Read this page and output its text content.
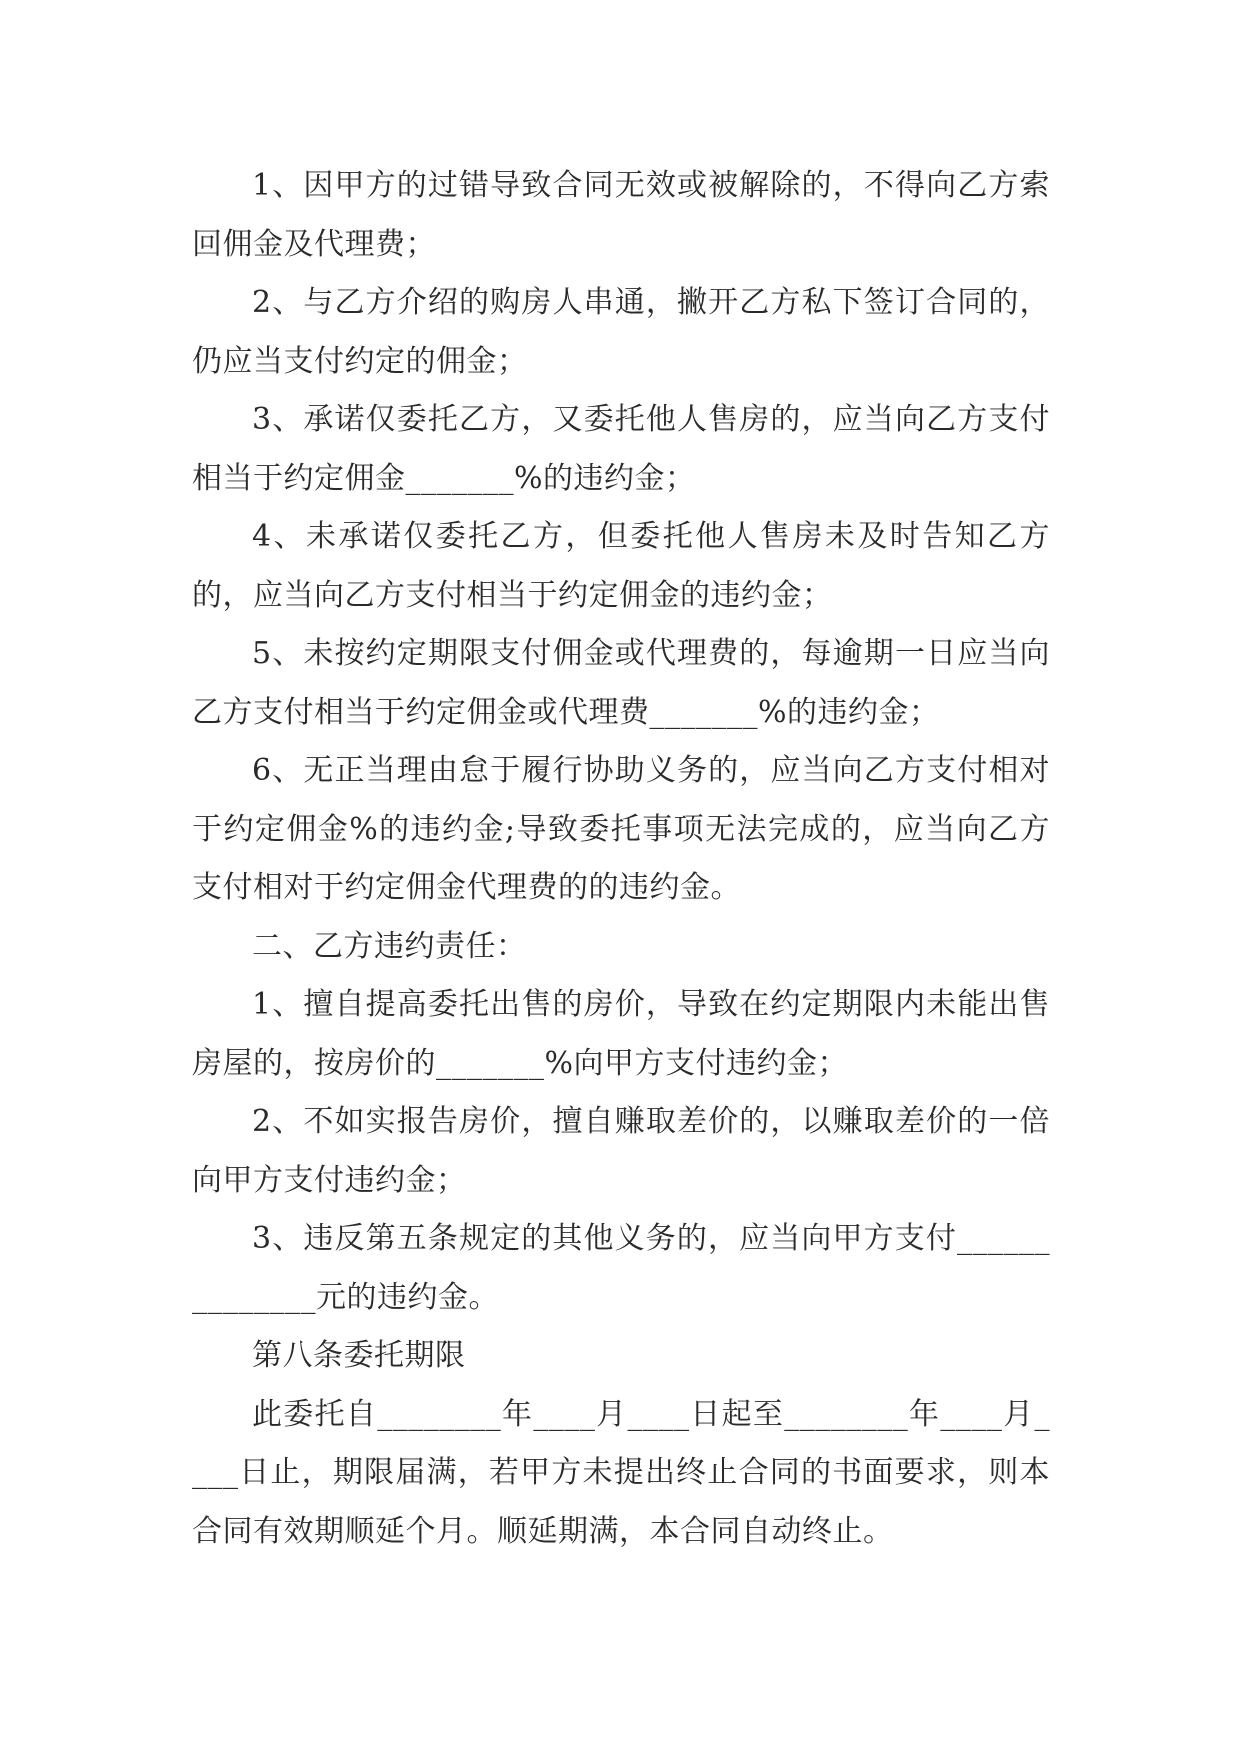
1、因甲方的过错导致合同无效或被解除的，不得向乙方索回佣金及代理费；

2、与乙方介绍的购房人串通，撇开乙方私下签订合同的，仍应当支付约定的佣金；

3、承诺仅委托乙方，又委托他人售房的，应当向乙方支付相当于约定佣金_______%的违约金；

4、未承诺仅委托乙方，但委托他人售房未及时告知乙方的，应当向乙方支付相当于约定佣金的违约金；

5、未按约定期限支付佣金或代理费的，每逾期一日应当向乙方支付相当于约定佣金或代理费_______%的违约金；

6、无正当理由怠于履行协助义务的，应当向乙方支付相对于约定佣金%的违约金;导致委托事项无法完成的，应当向乙方支付相对于约定佣金代理费的的违约金。

二、乙方违约责任：

1、擅自提高委托出售的房价，导致在约定期限内未能出售房屋的，按房价的_______%向甲方支付违约金；

2、不如实报告房价，擅自赚取差价的，以赚取差价的一倍向甲方支付违约金；

3、违反第五条规定的其他义务的，应当向甲方支付______________元的违约金。

第八条委托期限

此委托自________年____月____日起至________年____月____日止，期限届满，若甲方未提出终止合同的书面要求，则本合同有效期顺延个月。顺延期满，本合同自动终止。
